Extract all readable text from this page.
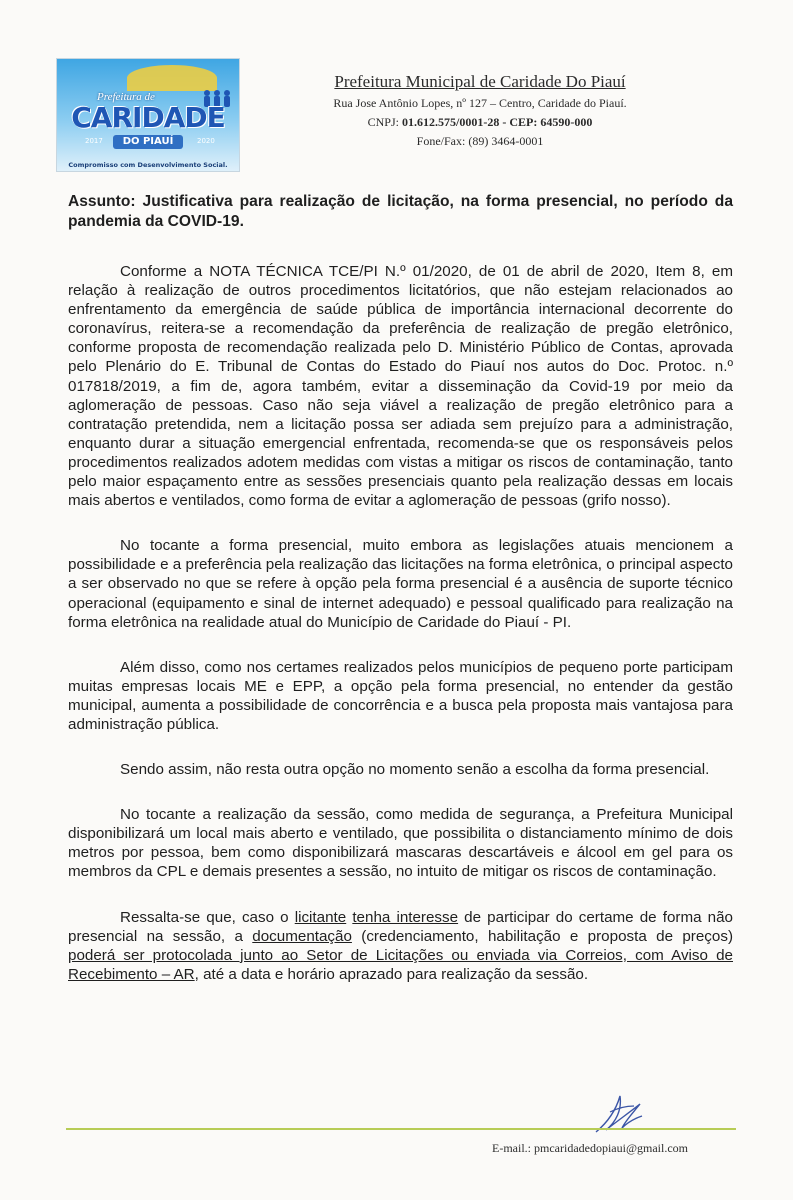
Prefeitura de
CARIDADE
2017	DO PIAUÍ	2020
Compromisso com Desenvolvimento Social.
Prefeitura Municipal de Caridade Do Piauí
Rua Jose Antônio Lopes, nº 127 – Centro, Caridade do Piauí.
CNPJ: 01.612.575/0001-28 - CEP: 64590-000
Fone/Fax: (89) 3464-0001
Assunto: Justificativa para realização de licitação, na forma presencial, no período da pandemia da COVID-19.

Conforme a NOTA TÉCNICA TCE/PI N.º 01/2020, de 01 de abril de 2020, Item 8, em relação à realização de outros procedimentos licitatórios, que não estejam relacionados ao enfrentamento da emergência de saúde pública de importância internacional decorrente do coronavírus, reitera-se a recomendação da preferência de realização de pregão eletrônico, conforme proposta de recomendação realizada pelo D. Ministério Público de Contas, aprovada pelo Plenário do E. Tribunal de Contas do Estado do Piauí nos autos do Doc. Protoc. n.º 017818/2019, a fim de, agora também, evitar a disseminação da Covid-19 por meio da aglomeração de pessoas. Caso não seja viável a realização de pregão eletrônico para a contratação pretendida, nem a licitação possa ser adiada sem prejuízo para a administração, enquanto durar a situação emergencial enfrentada, recomenda-se que os responsáveis pelos procedimentos realizados adotem medidas com vistas a mitigar os riscos de contaminação, tanto pelo maior espaçamento entre as sessões presenciais quanto pela realização dessas em locais mais abertos e ventilados, como forma de evitar a aglomeração de pessoas (grifo nosso).

No tocante a forma presencial, muito embora as legislações atuais mencionem a possibilidade e a preferência pela realização das licitações na forma eletrônica, o principal aspecto a ser observado no que se refere à opção pela forma presencial é a ausência de suporte técnico operacional (equipamento e sinal de internet adequado) e pessoal qualificado para realização na forma eletrônica na realidade atual do Município de Caridade do Piauí - PI.

Além disso, como nos certames realizados pelos municípios de pequeno porte participam muitas empresas locais ME e EPP, a opção pela forma presencial, no entender da gestão municipal, aumenta a possibilidade de concorrência e a busca pela proposta mais vantajosa para administração pública.

Sendo assim, não resta outra opção no momento senão a escolha da forma presencial.

No tocante a realização da sessão, como medida de segurança, a Prefeitura Municipal disponibilizará um local mais aberto e ventilado, que possibilita o distanciamento mínimo de dois metros por pessoa, bem como disponibilizará mascaras descartáveis e álcool em gel para os membros da CPL e demais presentes a sessão, no intuito de mitigar os riscos de contaminação.

Ressalta-se que, caso o licitante tenha interesse de participar do certame de forma não presencial na sessão, a documentação (credenciamento, habilitação e proposta de preços) poderá ser protocolada junto ao Setor de Licitações ou enviada via Correios, com Aviso de Recebimento – AR, até a data e horário aprazado para realização da sessão.

E-mail.: pmcaridadedopiaui@gmail.com
